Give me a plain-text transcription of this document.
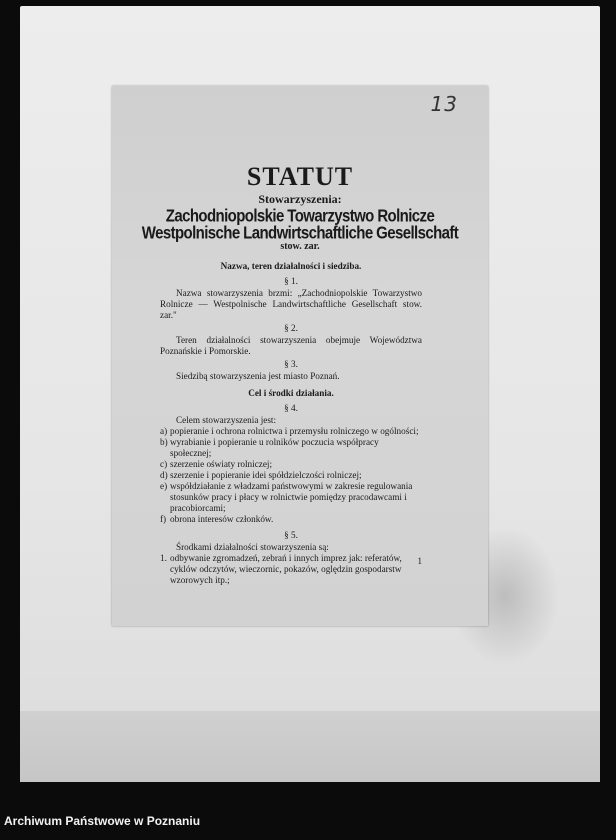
13
STATUT
Stowarzyszenia:
Zachodniopolskie Towarzystwo Rolnicze
Westpolnische Landwirtschaftliche Gesellschaft
stow. zar.
Nazwa, teren działalności i siedziba.
§ 1.

Nazwa stowarzyszenia brzmi: „Zachodniopolskie Towarzystwo Rolnicze — Westpolnische Landwirtschaftliche Gesellschaft stow. zar."

§ 2.

Teren działalności stowarzyszenia obejmuje Województwa Poznańskie i Pomorskie.

§ 3.

Siedzibą stowarzyszenia jest miasto Poznań.

Cel i środki działania.
§ 4.

Celem stowarzyszenia jest:

a) popieranie i ochrona rolnictwa i przemysłu rolniczego w ogólności;
b) wyrabianie i popieranie u rolników poczucia współpracy społecznej;
c) szerzenie oświaty rolniczej;
d) szerzenie i popieranie idei spółdzielczości rolniczej;
e) współdziałanie z władzami państwowymi w zakresie regulowania stosunków pracy i płacy w rolnictwie pomiędzy pracodawcami i pracobiorcami;
f) obrona interesów członków.
§ 5.

Środkami działalności stowarzyszenia są:

1. odbywanie zgromadzeń, zebrań i innych imprez jak: referatów, cyklów odczytów, wieczornic, pokazów, oględzin gospodarstw wzorowych itp.;
1
Archiwum Państwowe w Poznaniu
